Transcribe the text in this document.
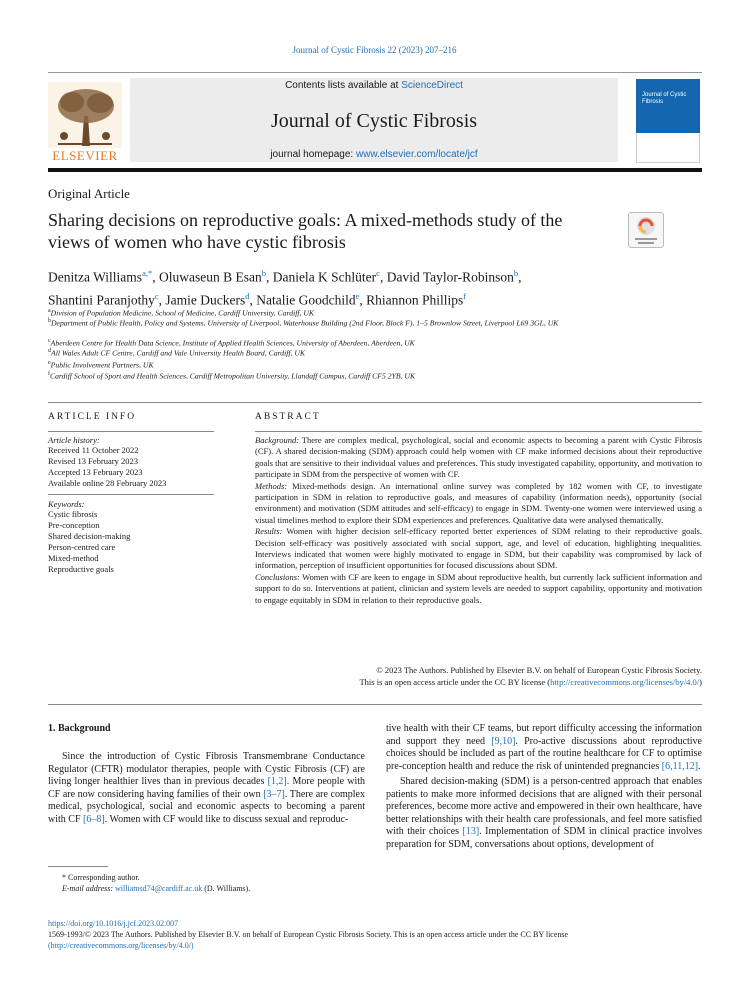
Journal of Cystic Fibrosis 22 (2023) 207–216
ELSEVIER
Contents lists available at ScienceDirect
Journal of Cystic Fibrosis
journal homepage: www.elsevier.com/locate/jcf
Journal of Cystic Fibrosis
Original Article
Sharing decisions on reproductive goals: A mixed-methods study of the views of women who have cystic fibrosis
Denitza Williams$^{a,*}$, Oluwaseun B Esan$^b$, Daniela K Schlüter$^c$, David Taylor-Robinson$^b$,
Shantini Paranjothy$^c$, Jamie Duckers$^d$, Natalie Goodchild$^e$, Rhiannon Phillips$^f$
$^a$Division of Population Medicine, School of Medicine, Cardiff University, Cardiff, UK
$^b$Department of Public Health, Policy and Systems, University of Liverpool, Waterhouse Building (2nd Floor, Block F), 1–5 Brownlow Street, Liverpool L69 3GL, UK
$^c$Aberdeen Centre for Health Data Science, Institute of Applied Health Sciences, University of Aberdeen, Aberdeen, UK
$^d$All Wales Adult CF Centre, Cardiff and Vale University Health Board, Cardiff, UK
$^e$Public Involvement Partners, UK
$^f$Cardiff School of Sport and Health Sciences, Cardiff Metropolitan University, Llandaff Campus, Cardiff CF5 2YB, UK
ARTICLE INFO	ABSTRACT
Article history:
Received 11 October 2022
Revised 13 February 2023
Accepted 13 February 2023
Available online 28 February 2023
Keywords:
Cystic fibrosis
Pre-conception
Shared decision-making
Person-centred care
Mixed-method
Reproductive goals

Background: There are complex medical, psychological, social and economic aspects to becoming a parent with Cystic Fibrosis (CF). A shared decision-making (SDM) approach could help women with CF make informed decisions about their reproductive goals that are sensitive to their individual values and preferences. This study investigated capability, opportunity, and motivation to participate in SDM from the perspective of women with CF.

Methods: Mixed-methods design. An international online survey was completed by 182 women with CF, to investigate participation in SDM in relation to reproductive goals, and measures of capability (information needs), opportunity (social environment) and motivation (SDM attitudes and self-efficacy) to engage in SDM. Twenty-one women were interviewed using a visual timelines method to explore their SDM experiences and preferences. Qualitative data were analysed thematically.

Results: Women with higher decision self-efficacy reported better experiences of SDM relating to their reproductive goals. Decision self-efficacy was positively associated with social support, age, and level of education, highlighting inequalities. Interviews indicated that women were highly motivated to engage in SDM, but their capability was compromised by lack of information, perception of insufficient opportunities for focused discussions about SDM.

Conclusions: Women with CF are keen to engage in SDM about reproductive health, but currently lack sufficient information and support to do so. Interventions at patient, clinician and system levels are needed to support capability, opportunity and motivation to engage equitably in SDM in relation to their reproductive goals.

© 2023 The Authors. Published by Elsevier B.V. on behalf of European Cystic Fibrosis Society.
This is an open access article under the CC BY license (http://creativecommons.org/licenses/by/4.0/)
1. Background

Since the introduction of Cystic Fibrosis Transmembrane Conductance Regulator (CFTR) modulator therapies, people with Cystic Fibrosis (CF) are living longer healthier lives than in previous decades [1,2]. More people with CF are now considering having families of their own [3–7]. There are complex medical, psychological, social and economic aspects to becoming a parent with CF [6–8]. Women with CF would like to discuss sexual and reproduc-

tive health with their CF teams, but report difficulty accessing the information and support they need [9,10]. Pro-active discussions about reproductive choices should be included as part of the routine healthcare for CF to optimise pre-conception health and reduce the risk of unintended pregnancies [6,11,12].

Shared decision-making (SDM) is a person-centred approach that enables patients to make more informed decisions that are aligned with their personal preferences, become more active and empowered in their own healthcare, have better relationships with their health care professionals, and feel more satisfied with their choices [13]. Implementation of SDM in clinical practice involves preparation for SDM, conversations about options, development of

* Corresponding author.
E-mail address: williamsd74@cardiff.ac.uk (D. Williams).
https://doi.org/10.1016/j.jcf.2023.02.007
1569-1993/© 2023 The Authors. Published by Elsevier B.V. on behalf of European Cystic Fibrosis Society. This is an open access article under the CC BY license
(http://creativecommons.org/licenses/by/4.0/)
